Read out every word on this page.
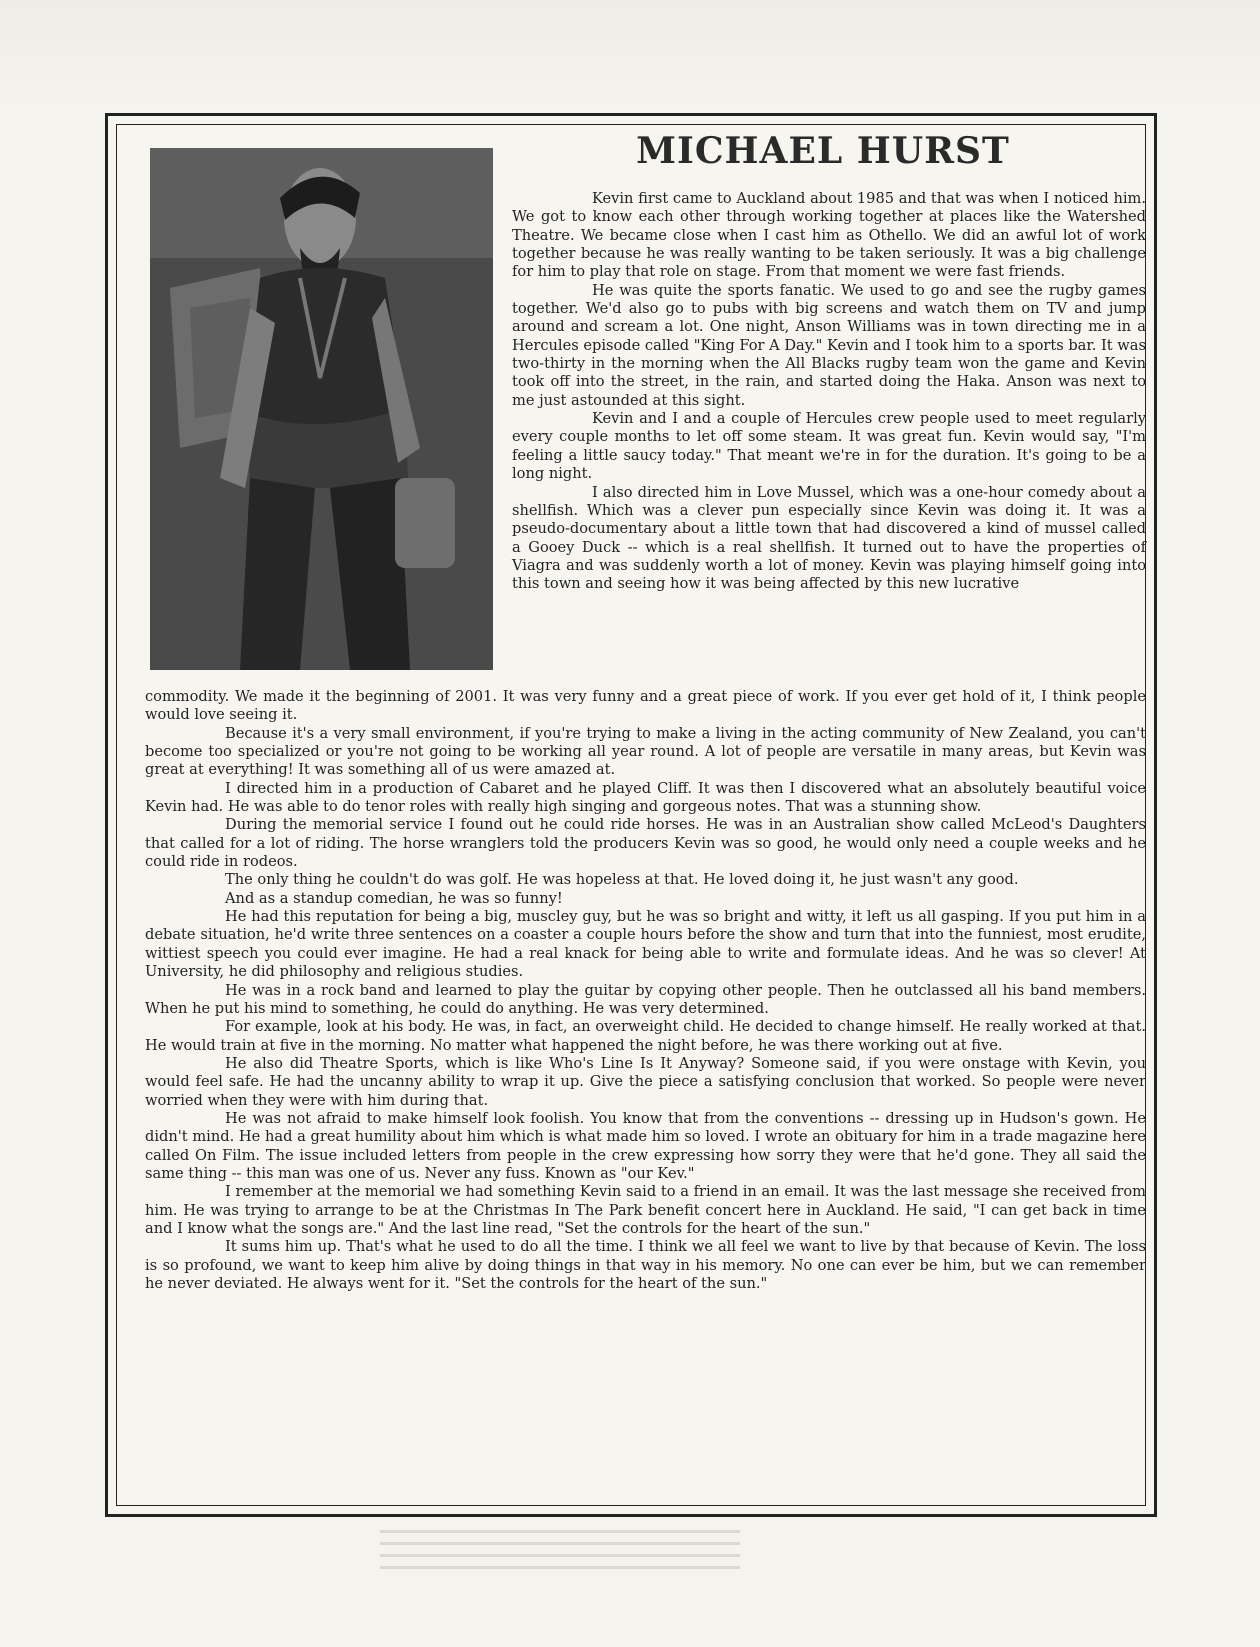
MICHAEL HURST

Kevin first came to Auckland about 1985 and that was when I noticed him. We got to know each other through working together at places like the Watershed Theatre. We became close when I cast him as Othello. We did an awful lot of work together because he was really wanting to be taken seriously. It was a big challenge for him to play that role on stage. From that moment we were fast friends.

He was quite the sports fanatic. We used to go and see the rugby games together. We'd also go to pubs with big screens and watch them on TV and jump around and scream a lot. One night, Anson Williams was in town directing me in a Hercules episode called "King For A Day." Kevin and I took him to a sports bar. It was two-thirty in the morning when the All Blacks rugby team won the game and Kevin took off into the street, in the rain, and started doing the Haka. Anson was next to me just astounded at this sight.

Kevin and I and a couple of Hercules crew people used to meet regularly every couple months to let off some steam. It was great fun. Kevin would say, "I'm feeling a little saucy today." That meant we're in for the duration. It's going to be a long night.

I also directed him in Love Mussel, which was a one-hour comedy about a shellfish. Which was a clever pun especially since Kevin was doing it. It was a pseudo-documentary about a little town that had discovered a kind of mussel called a Gooey Duck -- which is a real shellfish. It turned out to have the properties of Viagra and was suddenly worth a lot of money. Kevin was playing himself going into this town and seeing how it was being affected by this new lucrative

commodity. We made it the beginning of 2001. It was very funny and a great piece of work. If you ever get hold of it, I think people would love seeing it.

Because it's a very small environment, if you're trying to make a living in the acting community of New Zealand, you can't become too specialized or you're not going to be working all year round. A lot of people are versatile in many areas, but Kevin was great at everything! It was something all of us were amazed at.

I directed him in a production of Cabaret and he played Cliff. It was then I discovered what an absolutely beautiful voice Kevin had. He was able to do tenor roles with really high singing and gorgeous notes. That was a stunning show.

During the memorial service I found out he could ride horses. He was in an Australian show called McLeod's Daughters that called for a lot of riding. The horse wranglers told the producers Kevin was so good, he would only need a couple weeks and he could ride in rodeos.

The only thing he couldn't do was golf. He was hopeless at that. He loved doing it, he just wasn't any good.

And as a standup comedian, he was so funny!

He had this reputation for being a big, muscley guy, but he was so bright and witty, it left us all gasping. If you put him in a debate situation, he'd write three sentences on a coaster a couple hours before the show and turn that into the funniest, most erudite, wittiest speech you could ever imagine. He had a real knack for being able to write and formulate ideas. And he was so clever! At University, he did philosophy and religious studies.

He was in a rock band and learned to play the guitar by copying other people. Then he outclassed all his band members. When he put his mind to something, he could do anything. He was very determined.

For example, look at his body. He was, in fact, an overweight child. He decided to change himself. He really worked at that. He would train at five in the morning. No matter what happened the night before, he was there working out at five.

He also did Theatre Sports, which is like Who's Line Is It Anyway? Someone said, if you were onstage with Kevin, you would feel safe. He had the uncanny ability to wrap it up. Give the piece a satisfying conclusion that worked. So people were never worried when they were with him during that.

He was not afraid to make himself look foolish. You know that from the conventions -- dressing up in Hudson's gown. He didn't mind. He had a great humility about him which is what made him so loved. I wrote an obituary for him in a trade magazine here called On Film. The issue included letters from people in the crew expressing how sorry they were that he'd gone. They all said the same thing -- this man was one of us. Never any fuss. Known as "our Kev."

I remember at the memorial we had something Kevin said to a friend in an email. It was the last message she received from him. He was trying to arrange to be at the Christmas In The Park benefit concert here in Auckland. He said, "I can get back in time and I know what the songs are." And the last line read, "Set the controls for the heart of the sun."

It sums him up. That's what he used to do all the time. I think we all feel we want to live by that because of Kevin. The loss is so profound, we want to keep him alive by doing things in that way in his memory. No one can ever be him, but we can remember he never deviated. He always went for it. "Set the controls for the heart of the sun."
